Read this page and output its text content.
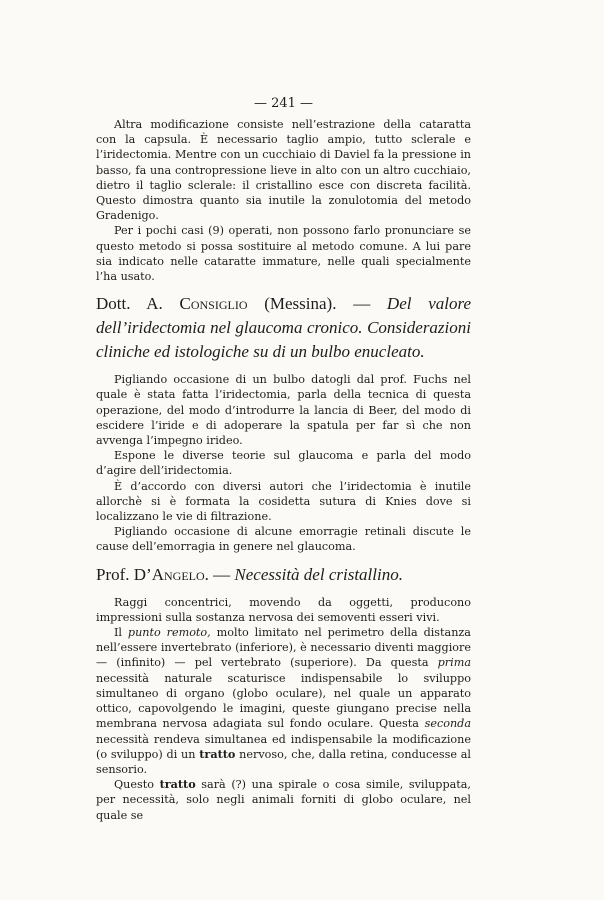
— 241 —

Altra modificazione consiste nell’estrazione della cataratta con la capsula. È necessario taglio ampio, tutto sclerale e l’iridectomia. Mentre con un cucchiaio di Daviel fa la pressione in basso, fa una contropressione lieve in alto con un altro cucchiaio, dietro il taglio sclerale: il cristallino esce con discreta facilità. Questo dimostra quanto sia inutile la zonulotomia del metodo Gradenigo.

Per i pochi casi (9) operati, non possono farlo pronunciare se questo metodo si possa sostituire al metodo comune. A lui pare sia indicato nelle cataratte immature, nelle quali specialmente l’ha usato.

Dott. A. Consiglio (Messina). — Del valore dell’iridectomia nel glaucoma cronico. Considerazioni cliniche ed istologiche su di un bulbo enucleato.

Pigliando occasione di un bulbo datogli dal prof. Fuchs nel quale è stata fatta l’iridectomia, parla della tecnica di questa operazione, del modo d’introdurre la lancia di Beer, del modo di escidere l’iride e di adoperare la spatula per far sì che non avvenga l’impegno irideo.

Espone le diverse teorie sul glaucoma e parla del modo d’agire dell’iridectomia.

È d’accordo con diversi autori che l’iridectomia è inutile allorchè si è formata la cosidetta sutura di Knies dove si localizzano le vie di filtrazione.

Pigliando occasione di alcune emorragie retinali discute le cause dell’emorragia in genere nel glaucoma.

Prof. D’Angelo. — Necessità del cristallino.

Raggi concentrici, movendo da oggetti, producono impressioni sulla sostanza nervosa dei semoventi esseri vivi.

Il punto remoto, molto limitato nel perimetro della distanza nell’essere invertebrato (inferiore), è necessario diventi maggiore — (infinito) — pel vertebrato (superiore). Da questa prima necessità naturale scaturisce indispensabile lo sviluppo simultaneo di organo (globo oculare), nel quale un apparato ottico, capovolgendo le imagini, queste giungano precise nella membrana nervosa adagiata sul fondo oculare. Questa seconda necessità rendeva simultanea ed indispensabile la modificazione (o sviluppo) di un tratto nervoso, che, dalla retina, conducesse al sensorio.

Questo tratto sarà (?) una spirale o cosa simile, sviluppata, per necessità, solo negli animali forniti di globo oculare, nel quale se
